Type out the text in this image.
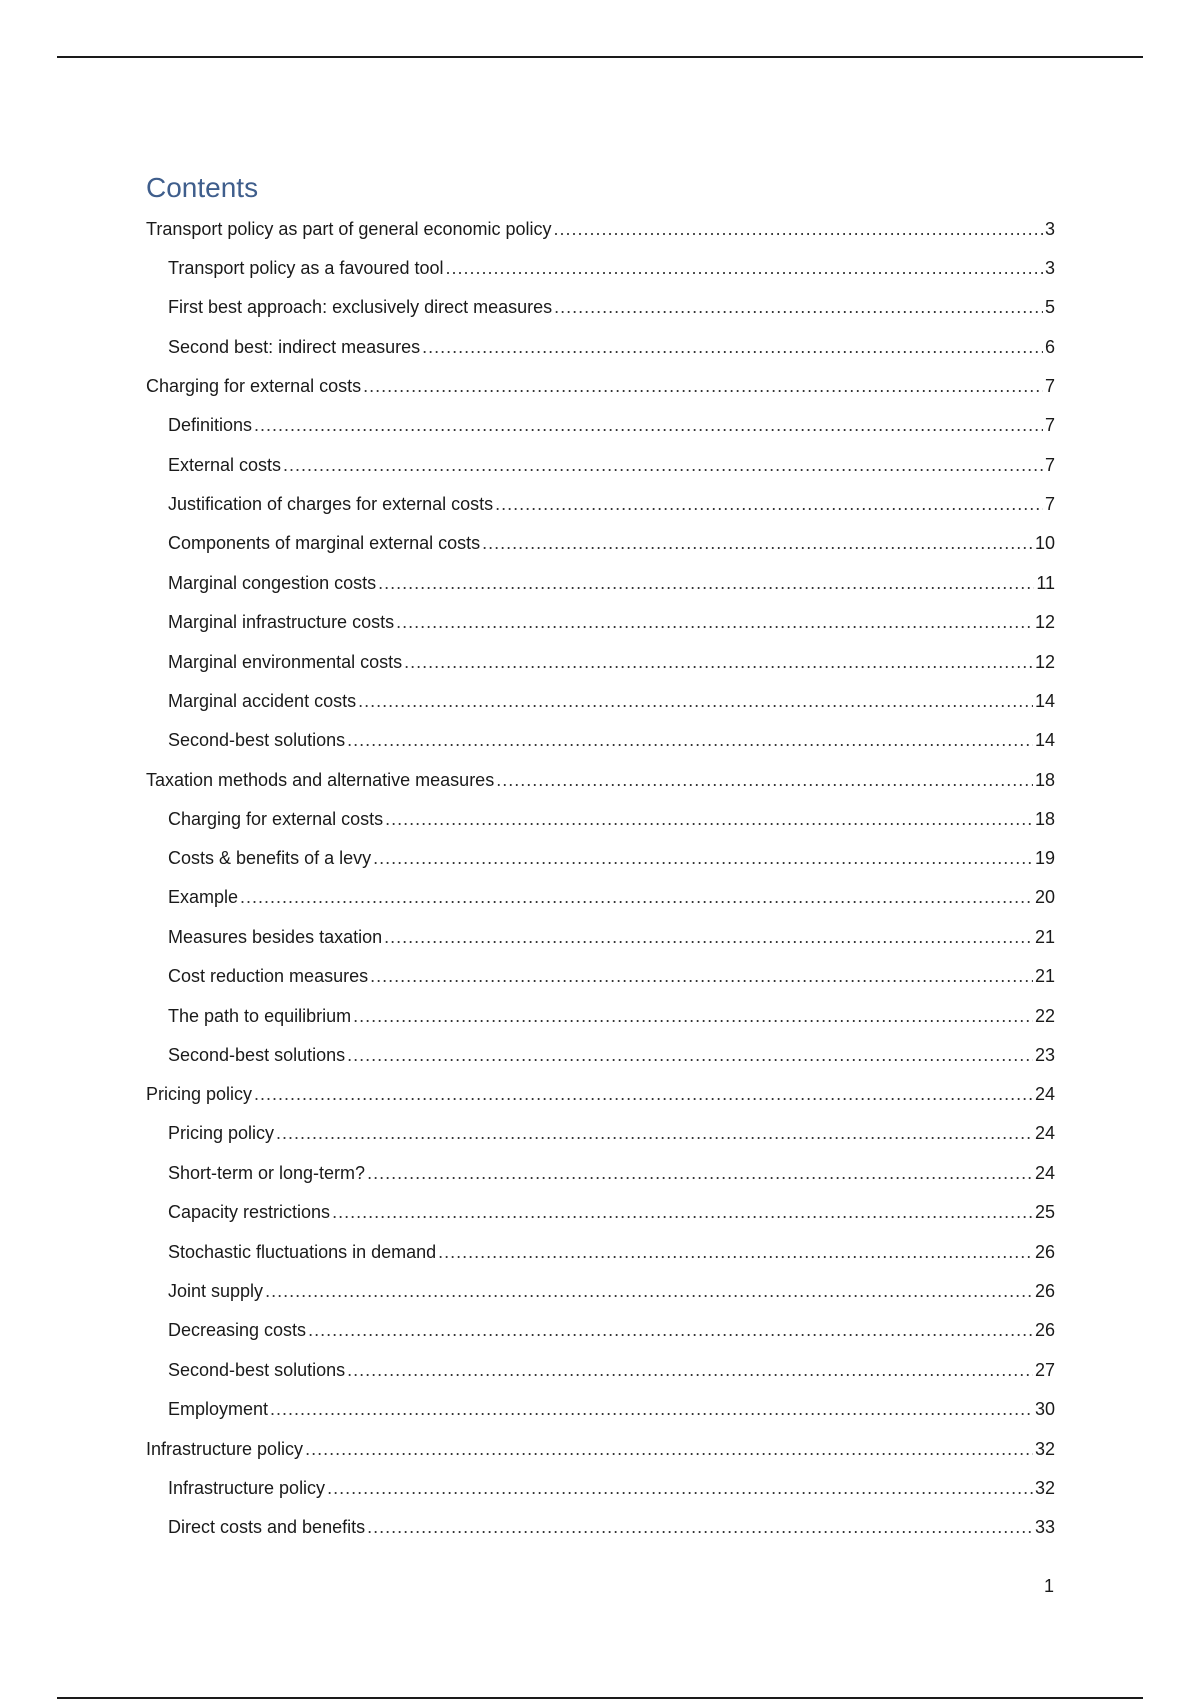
Contents
Transport policy as part of general economic policy .....	3
Transport policy as a favoured tool .....	3
First best approach: exclusively direct measures .....	5
Second best: indirect measures .....	6
Charging for external costs .....	7
Definitions .....	7
External costs .....	7
Justification of charges for external costs .....	7
Components of marginal external costs .....	10
Marginal congestion costs .....	11
Marginal infrastructure costs .....	12
Marginal environmental costs .....	12
Marginal accident costs .....	14
Second-best solutions .....	14
Taxation methods and alternative measures .....	18
Charging for external costs .....	18
Costs & benefits of a levy .....	19
Example .....	20
Measures besides taxation .....	21
Cost reduction measures .....	21
The path to equilibrium .....	22
Second-best solutions .....	23
Pricing policy .....	24
Pricing policy .....	24
Short-term or long-term? .....	24
Capacity restrictions .....	25
Stochastic fluctuations in demand .....	26
Joint supply .....	26
Decreasing costs .....	26
Second-best solutions .....	27
Employment .....	30
Infrastructure policy .....	32
Infrastructure policy .....	32
Direct costs and benefits .....	33
1
